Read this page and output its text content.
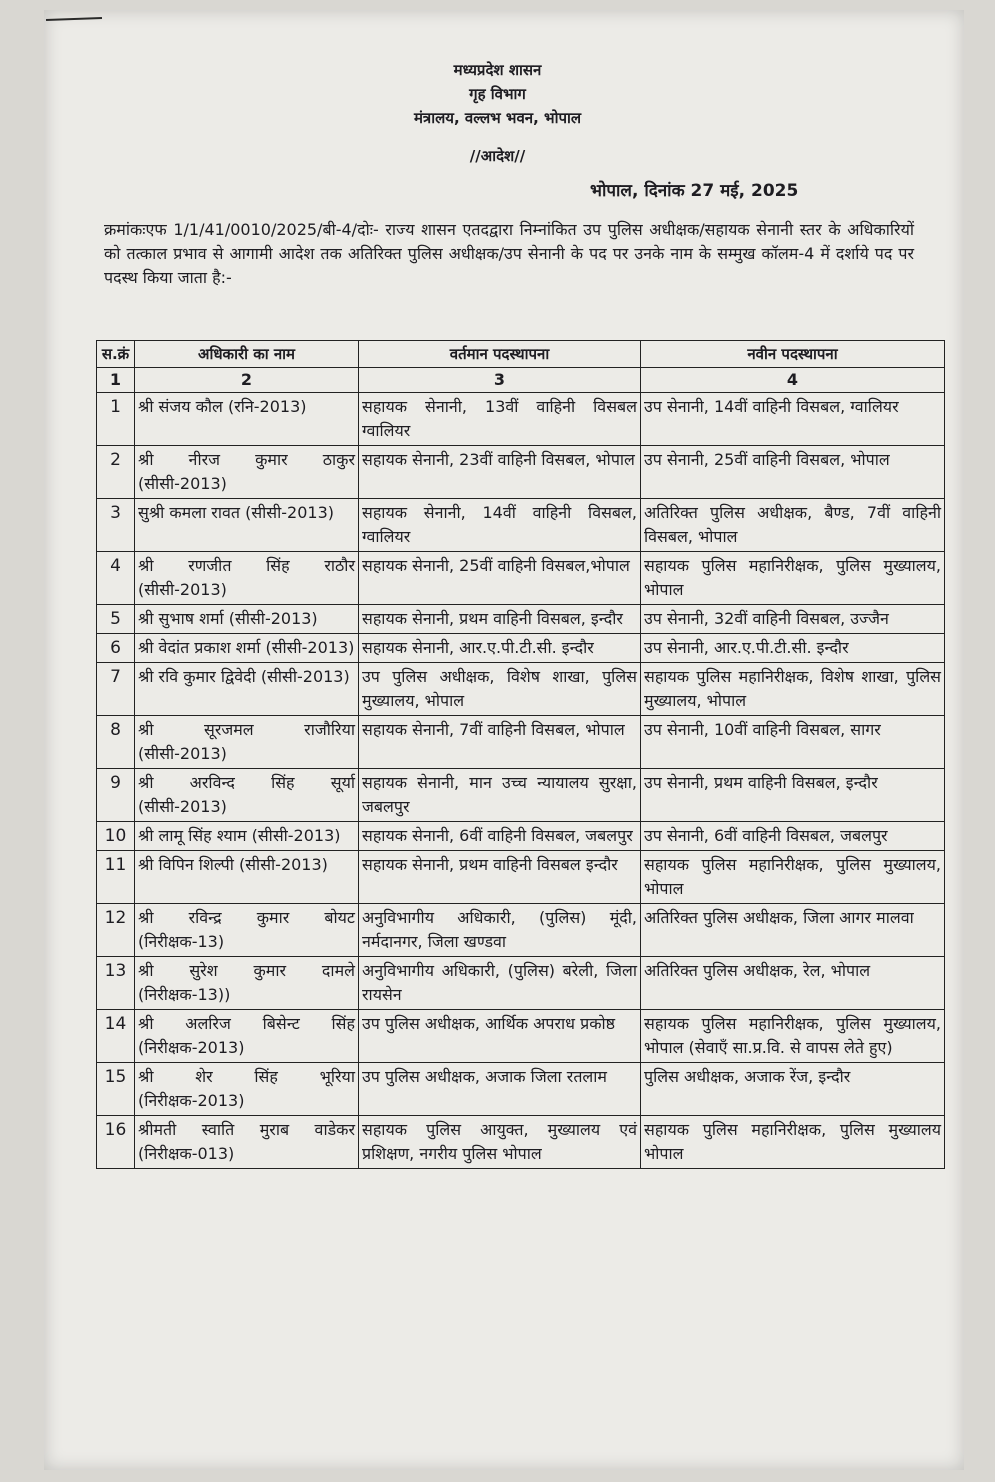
मध्यप्रदेश शासन
गृह विभाग
मंत्रालय, वल्लभ भवन, भोपाल
//आदेश//
भोपाल, दिनांक 27 मई, 2025
क्रमांकःएफ 1/1/41/0010/2025/बी-4/दोः- राज्य शासन एतदद्वारा निम्नांकित उप पुलिस अधीक्षक/सहायक सेनानी स्तर के अधिकारियों को तत्काल प्रभाव से आगामी आदेश तक अतिरिक्त पुलिस अधीक्षक/उप सेनानी के पद पर उनके नाम के सम्मुख कॉलम-4 में दर्शाये पद पर पदस्थ किया जाता है:-
स.क्रं	अधिकारी का नाम	वर्तमान पदस्थापना	नवीन पदस्थापना
1	2	3	4
1	श्री संजय कौल (रनि-2013)	सहायक सेनानी, 13वीं वाहिनी विसबल ग्वालियर	उप सेनानी, 14वीं वाहिनी विसबल, ग्वालियर
2	श्री नीरज कुमार ठाकुर (सीसी-2013)	सहायक सेनानी, 23वीं वाहिनी विसबल, भोपाल	उप सेनानी, 25वीं वाहिनी विसबल, भोपाल
3	सुश्री कमला रावत (सीसी-2013)	सहायक सेनानी, 14वीं वाहिनी विसबल, ग्वालियर	अतिरिक्त पुलिस अधीक्षक, बैण्ड, 7वीं वाहिनी विसबल, भोपाल
4	श्री रणजीत सिंह राठौर (सीसी-2013)	सहायक सेनानी, 25वीं वाहिनी विसबल,भोपाल	सहायक पुलिस महानिरीक्षक, पुलिस मुख्यालय, भोपाल
5	श्री सुभाष शर्मा (सीसी-2013)	सहायक सेनानी, प्रथम वाहिनी विसबल, इन्दौर	उप सेनानी, 32वीं वाहिनी विसबल, उज्जैन
6	श्री वेदांत प्रकाश शर्मा (सीसी-2013)	सहायक सेनानी, आर.ए.पी.टी.सी. इन्दौर	उप सेनानी, आर.ए.पी.टी.सी. इन्दौर
7	श्री रवि कुमार द्विवेदी (सीसी-2013)	उप पुलिस अधीक्षक, विशेष शाखा, पुलिस मुख्यालय, भोपाल	सहायक पुलिस महानिरीक्षक, विशेष शाखा, पुलिस मुख्यालय, भोपाल
8	श्री सूरजमल राजौरिया (सीसी-2013)	सहायक सेनानी, 7वीं वाहिनी विसबल, भोपाल	उप सेनानी, 10वीं वाहिनी विसबल, सागर
9	श्री अरविन्द सिंह सूर्या (सीसी-2013)	सहायक सेनानी, मान उच्च न्यायालय सुरक्षा, जबलपुर	उप सेनानी, प्रथम वाहिनी विसबल, इन्दौर
10	श्री लामू सिंह श्याम (सीसी-2013)	सहायक सेनानी, 6वीं वाहिनी विसबल, जबलपुर	उप सेनानी, 6वीं वाहिनी विसबल, जबलपुर
11	श्री विपिन शिल्पी (सीसी-2013)	सहायक सेनानी, प्रथम वाहिनी विसबल इन्दौर	सहायक पुलिस महानिरीक्षक, पुलिस मुख्यालय, भोपाल
12	श्री रविन्द्र कुमार बोयट (निरीक्षक-13)	अनुविभागीय अधिकारी, (पुलिस) मूंदी, नर्मदानगर, जिला खण्डवा	अतिरिक्त पुलिस अधीक्षक, जिला आगर मालवा
13	श्री सुरेश कुमार दामले (निरीक्षक-13))	अनुविभागीय अधिकारी, (पुलिस) बरेली, जिला रायसेन	अतिरिक्त पुलिस अधीक्षक, रेल, भोपाल
14	श्री अलरिज बिसेन्ट सिंह (निरीक्षक-2013)	उप पुलिस अधीक्षक, आर्थिक अपराध प्रकोष्ठ	सहायक पुलिस महानिरीक्षक, पुलिस मुख्यालय, भोपाल (सेवाएँ सा.प्र.वि. से वापस लेते हुए)
15	श्री शेर सिंह भूरिया (निरीक्षक-2013)	उप पुलिस अधीक्षक, अजाक जिला रतलाम	पुलिस अधीक्षक, अजाक रेंज, इन्दौर
16	श्रीमती स्वाति मुराब वाडेकर (निरीक्षक-013)	सहायक पुलिस आयुक्त, मुख्यालय एवं प्रशिक्षण, नगरीय पुलिस भोपाल	सहायक पुलिस महानिरीक्षक, पुलिस मुख्यालय भोपाल
